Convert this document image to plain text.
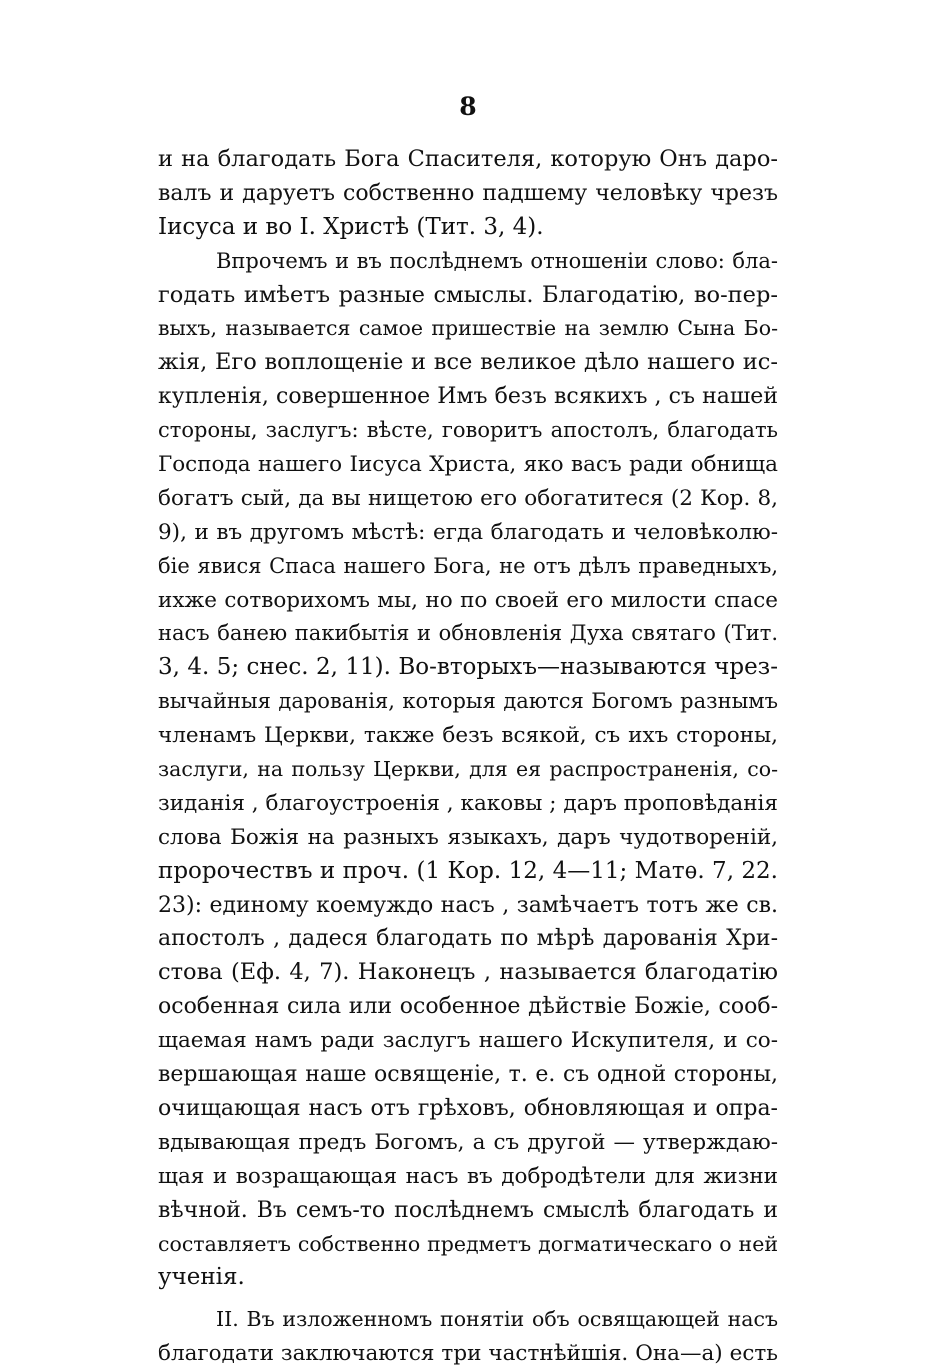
8
и на благодать Бога Спасителя, которую Онъ даро-
валъ и даруетъ собственно падшему человѣку чрезъ
Іисуса и во І. Христѣ (Тит. 3, 4).
Впрочемъ и въ послѣднемъ отношеніи слово: бла-
годать имѣетъ разные смыслы. Благодатію, во-пер-
выхъ, называется самое пришествіе на землю Сына Бо-
жія, Его воплощеніе и все великое дѣло нашего ис-
купленія, совершенное Имъ безъ всякихъ , съ нашей
стороны, заслугъ: вѣсте, говоритъ апостолъ, благодать
Господа нашего Іисуса Христа, яко васъ ради обнища
богатъ сый, да вы нищетою его обогатитеся (2 Кор. 8,
9), и въ другомъ мѣстѣ: егда благодать и человѣколю-
біе явися Спаса нашего Бога, не отъ дѣлъ праведныхъ,
ихже сотворихомъ мы, но по своей его милости спасе
насъ банею пакибытія и обновленія Духа святаго (Тит.
3, 4. 5; снес. 2, 11). Во-вторыхъ—называются чрез-
вычайныя дарованія, которыя даются Богомъ разнымъ
членамъ Церкви, также безъ всякой, съ ихъ стороны,
заслуги, на пользу Церкви, для ея распространенія, со-
зиданія , благоустроенія , каковы ; даръ проповѣданія
слова Божія на разныхъ языкахъ, даръ чудотвореній,
пророчествъ и проч. (1 Кор. 12, 4—11; Матѳ. 7, 22.
23): единому коемуждо насъ , замѣчаетъ тотъ же св.
апостолъ , дадеся благодать по мѣрѣ дарованія Хри-
стова (Еф. 4, 7). Наконецъ , называется благодатію
особенная сила или особенное дѣйствіе Божіе, сооб-
щаемая намъ ради заслугъ нашего Искупителя, и со-
вершающая наше освященіе, т. е. съ одной стороны,
очищающая насъ отъ грѣховъ, обновляющая и опра-
вдывающая предъ Богомъ, а съ другой — утверждаю-
щая и возращающая насъ въ добродѣтели для жизни
вѣчной. Въ семъ-то послѣднемъ смыслѣ благодать и
составляетъ собственно предметъ догматическаго о ней
ученія.
II. Въ изложенномъ понятіи объ освящающей насъ
благодати заключаются три частнѣйшія. Она—а) есть
